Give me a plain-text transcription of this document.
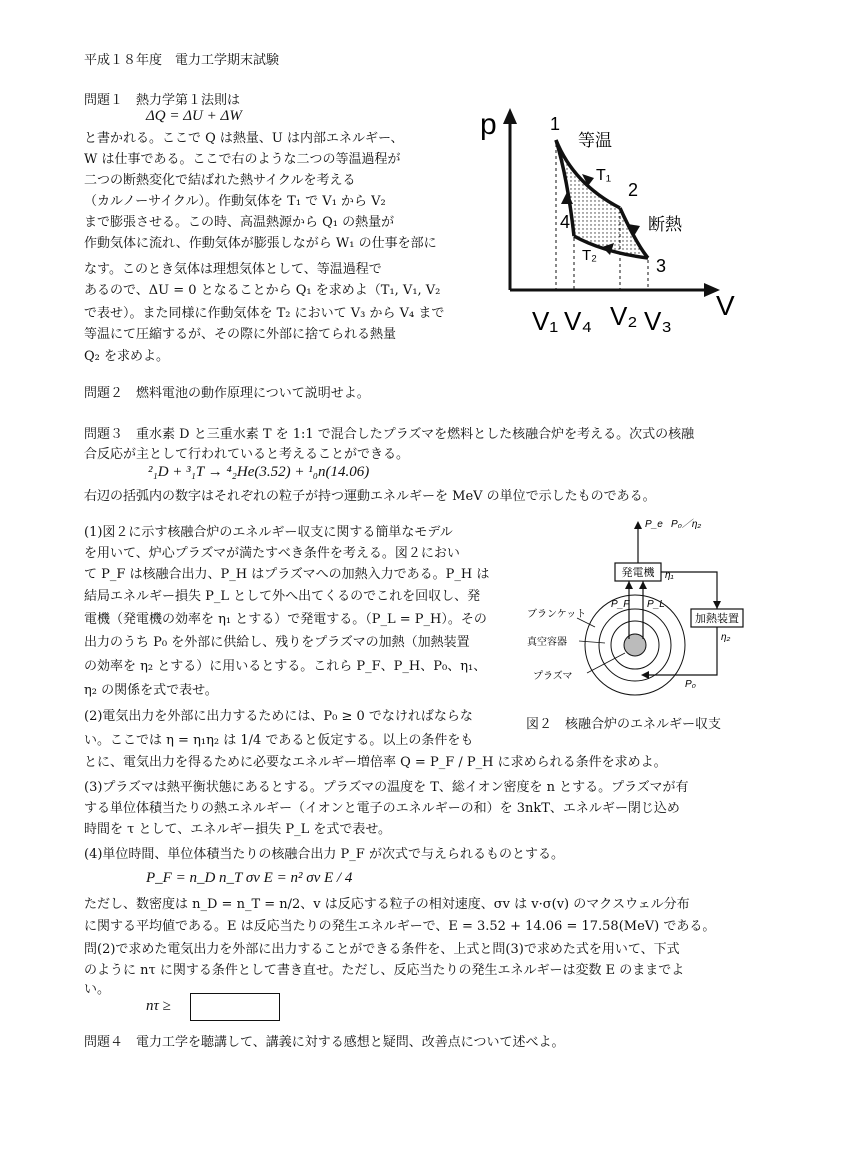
平成１８年度　電力工学期末試験
問題１　熱力学第１法則は
ΔQ = ΔU + ΔW
と書かれる。ここで Q は熱量、U は内部エネルギー、
W は仕事である。ここで右のような二つの等温過程が
二つの断熱変化で結ばれた熱サイクルを考える
（カルノーサイクル）。作動気体を T₁ で V₁ から V₂
まで膨張させる。この時、高温熱源から Q₁ の熱量が
作動気体に流れ、作動気体が膨張しながら W₁ の仕事を部に
なす。このとき気体は理想気体として、等温過程で
あるので、ΔU = 0 となることから Q₁ を求めよ（T₁, V₁, V₂
で表せ）。また同様に作動気体を T₂ において V₃ から V₄ まで
等温にて圧縮するが、その際に外部に捨てられる熱量
Q₂ を求めよ。
p
V
1
2
3
4
等温
断熱
T₁
T₂
V₁ V₄ V₂ V₃
問題２　燃料電池の動作原理について説明せよ。
問題３　重水素 D と三重水素 T を 1:1 で混合したプラズマを燃料とした核融合炉を考える。次式の核融
合反応が主として行われていると考えることができる。
²₁D + ³₁T → ⁴₂He(3.52) + ¹₀n(14.06)
右辺の括弧内の数字はそれぞれの粒子が持つ運動エネルギーを MeV の単位で示したものである。
(1)図２に示す核融合炉のエネルギー収支に関する簡単なモデル
を用いて、炉心プラズマが満たすべき条件を考える。図２におい
て P_F は核融合出力、P_H はプラズマへの加熱入力である。P_H は
結局エネルギー損失 P_L として外へ出てくるのでこれを回収し、発
電機（発電機の効率を η₁ とする）で発電する。（P_L = P_H）。その
出力のうち P₀ を外部に供給し、残りをプラズマの加熱（加熱装置
の効率を η₂ とする）に用いるとする。これら P_F、P_H、P₀、η₁、
η₂ の関係を式で表せ。
(2)電気出力を外部に出力するためには、P₀ ≥ 0 でなければならな
い。ここでは η = η₁η₂ は 1/4 であると仮定する。以上の条件をも
とに、電気出力を得るために必要なエネルギー増倍率 Q = P_F / P_H に求められる条件を求めよ。
(3)プラズマは熱平衡状態にあるとする。プラズマの温度を T、総イオン密度を n とする。プラズマが有
する単位体積当たりの熱エネルギー（イオンと電子のエネルギーの和）を 3nkT、エネルギー閉じ込め
時間を τ として、エネルギー損失 P_L を式で表せ。
(4)単位時間、単位体積当たりの核融合出力 P_F が次式で与えられるものとする。
P_F = n_D n_T σv E = n² σv E / 4
ただし、数密度は n_D = n_T = n/2、v は反応する粒子の相対速度、σv は v·σ(v) のマクスウェル分布
に関する平均値である。E は反応当たりの発生エネルギーで、E = 3.52 + 14.06 = 17.58(MeV) である。
問(2)で求めた電気出力を外部に出力することができる条件を、上式と問(3)で求めた式を用いて、下式
のように nτ に関する条件として書き直せ。ただし、反応当たりの発生エネルギーは変数 E のままでよ
い。
nτ ≥
発電機 η₁
加熱装置
η₂
P_e P₀／η₂
P₀
P_F P_L
ブランケット
真空容器
プラズマ
図２　核融合炉のエネルギー収支
問題４　電力工学を聴講して、講義に対する感想と疑問、改善点について述べよ。
